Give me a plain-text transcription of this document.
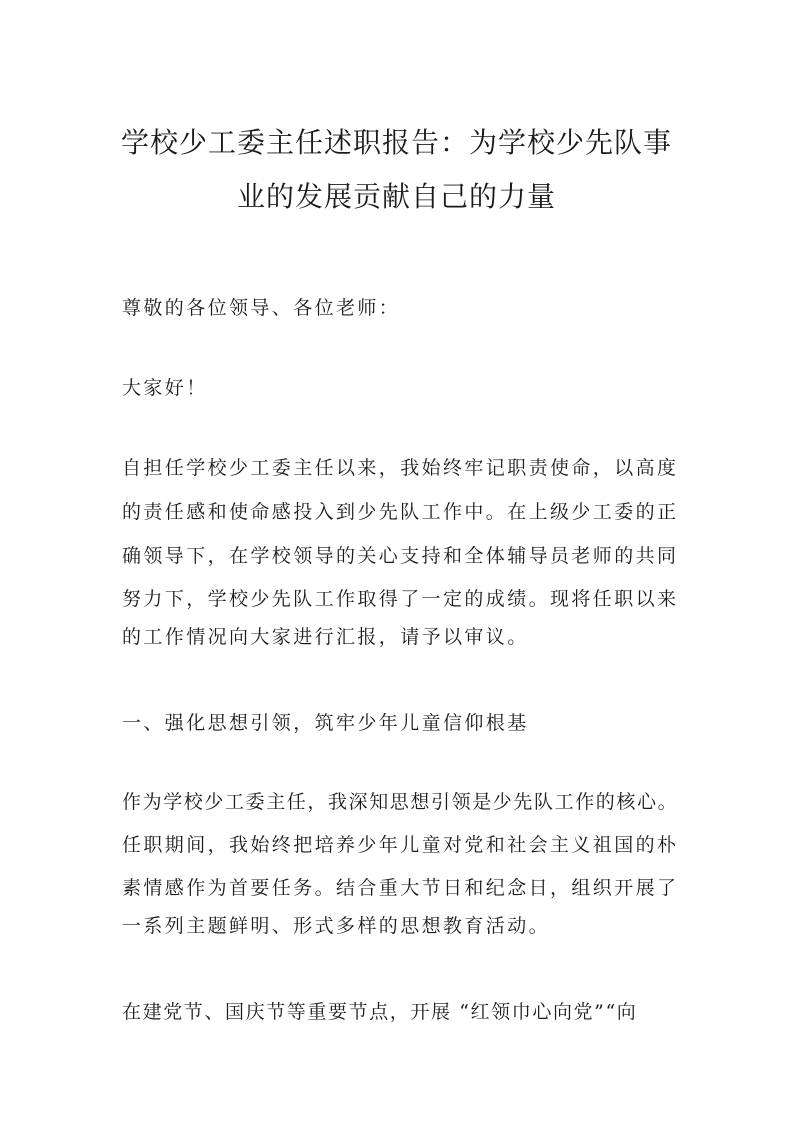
学校少工委主任述职报告：为学校少先队事
业的发展贡献自己的力量

尊敬的各位领导、各位老师：

大家好！

自担任学校少工委主任以来，我始终牢记职责使命，以高度

的责任感和使命感投入到少先队工作中。在上级少工委的正

确领导下，在学校领导的关心支持和全体辅导员老师的共同

努力下，学校少先队工作取得了一定的成绩。现将任职以来

的工作情况向大家进行汇报，请予以审议。

一、强化思想引领，筑牢少年儿童信仰根基

作为学校少工委主任，我深知思想引领是少先队工作的核心。

任职期间，我始终把培养少年儿童对党和社会主义祖国的朴

素情感作为首要任务。结合重大节日和纪念日，组织开展了

一系列主题鲜明、形式多样的思想教育活动。

在建党节、国庆节等重要节点，开展 “红领巾心向党”“向
